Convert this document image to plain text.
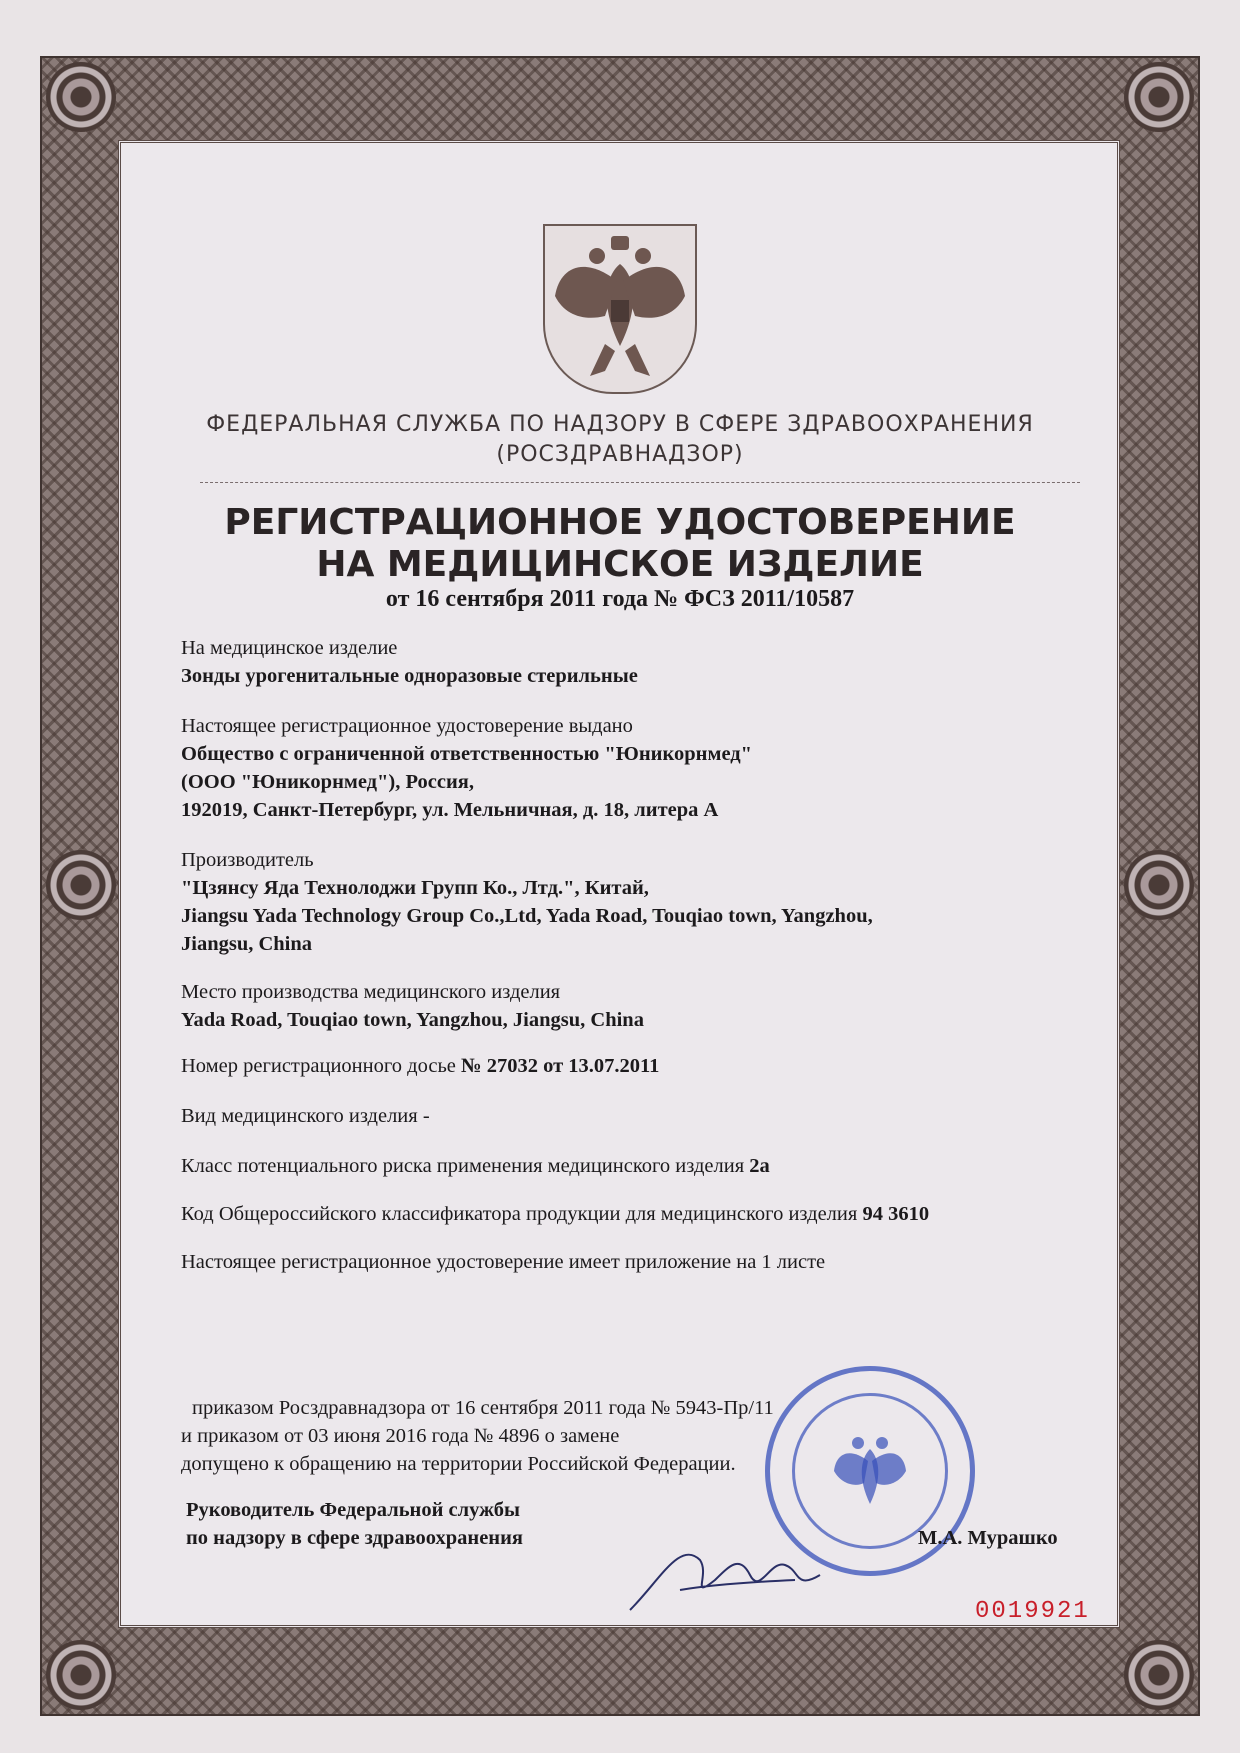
ФЕДЕРАЛЬНАЯ СЛУЖБА ПО НАДЗОРУ В СФЕРЕ ЗДРАВООХРАНЕНИЯ
(РОСЗДРАВНАДЗОР)
РЕГИСТРАЦИОННОЕ УДОСТОВЕРЕНИЕ
НА МЕДИЦИНСКОЕ ИЗДЕЛИЕ
от 16 сентября 2011 года № ФСЗ 2011/10587
На медицинское изделие
Зонды урогенитальные одноразовые стерильные
Настоящее регистрационное удостоверение выдано
Общество с ограниченной ответственностью "Юникорнмед"
(ООО "Юникорнмед"), Россия,
192019, Санкт-Петербург, ул. Мельничная, д. 18, литера А
Производитель
"Цзянсу Яда Технолоджи Групп Ко., Лтд.", Китай,
Jiangsu Yada Technology Group Co.,Ltd, Yada Road, Touqiao town, Yangzhou,
Jiangsu, China
Место производства медицинского изделия
Yada Road, Touqiao town, Yangzhou, Jiangsu, China
Номер регистрационного досье № 27032 от 13.07.2011
Вид медицинского изделия -
Класс потенциального риска применения медицинского изделия 2а
Код Общероссийского классификатора продукции для медицинского изделия 94 3610
Настоящее регистрационное удостоверение имеет приложение на 1 листе
приказом Росздравнадзора от 16 сентября 2011 года № 5943-Пр/11
и приказом от 03 июня 2016 года № 4896 о замене
допущено к обращению на территории Российской Федерации.
Руководитель Федеральной службы
по надзору в сфере здравоохранения	М.А. Мурашко
0019921
